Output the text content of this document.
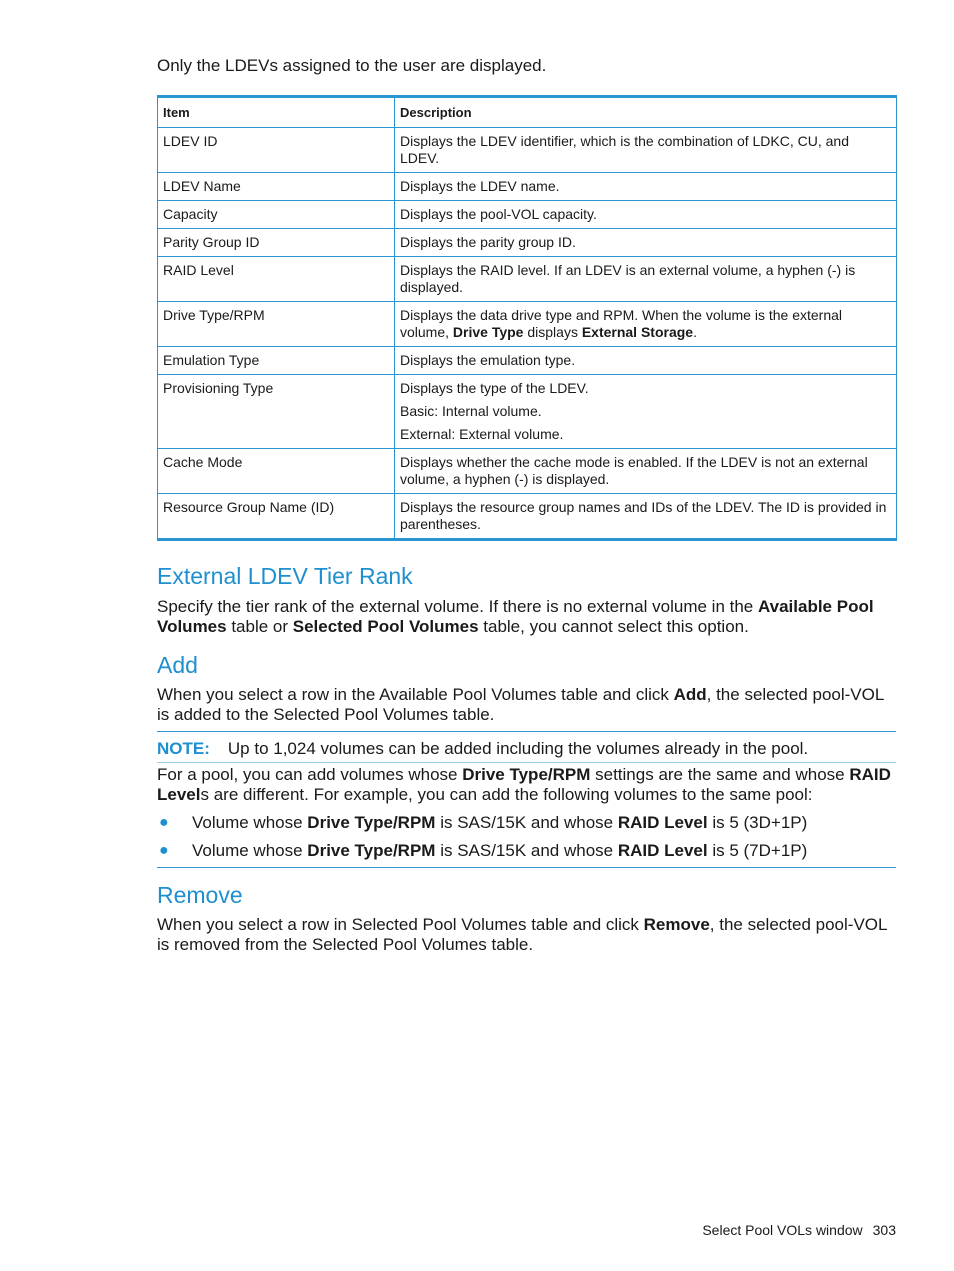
Only the LDEVs assigned to the user are displayed.
Item	Description
LDEV ID	Displays the LDEV identifier, which is the combination of LDKC, CU, and LDEV.

LDEV Name	Displays the LDEV name.

Capacity	Displays the pool-VOL capacity.

Parity Group ID	Displays the parity group ID.

RAID Level	Displays the RAID level. If an LDEV is an external volume, a hyphen (-) is displayed.

Drive Type/RPM	Displays the data drive type and RPM. When the volume is the external volume, Drive Type displays External Storage.

Emulation Type	Displays the emulation type.

Provisioning Type	Displays the type of the LDEV.

Basic: Internal volume.

External: External volume.

Cache Mode	Displays whether the cache mode is enabled. If the LDEV is not an external volume, a hyphen (-) is displayed.

Resource Group Name (ID)	Displays the resource group names and IDs of the LDEV. The ID is provided in parentheses.

External LDEV Tier Rank
Specify the tier rank of the external volume. If there is no external volume in the Available Pool Volumes table or Selected Pool Volumes table, you cannot select this option.
Add
When you select a row in the Available Pool Volumes table and click Add, the selected pool-VOL is added to the Selected Pool Volumes table.
NOTE: Up to 1,024 volumes can be added including the volumes already in the pool.
For a pool, you can add volumes whose Drive Type/RPM settings are the same and whose RAID Levels are different. For example, you can add the following volumes to the same pool:
● Volume whose Drive Type/RPM is SAS/15K and whose RAID Level is 5 (3D+1P)
● Volume whose Drive Type/RPM is SAS/15K and whose RAID Level is 5 (7D+1P)
Remove
When you select a row in Selected Pool Volumes table and click Remove, the selected pool-VOL is removed from the Selected Pool Volumes table.
Select Pool VOLs window 303
